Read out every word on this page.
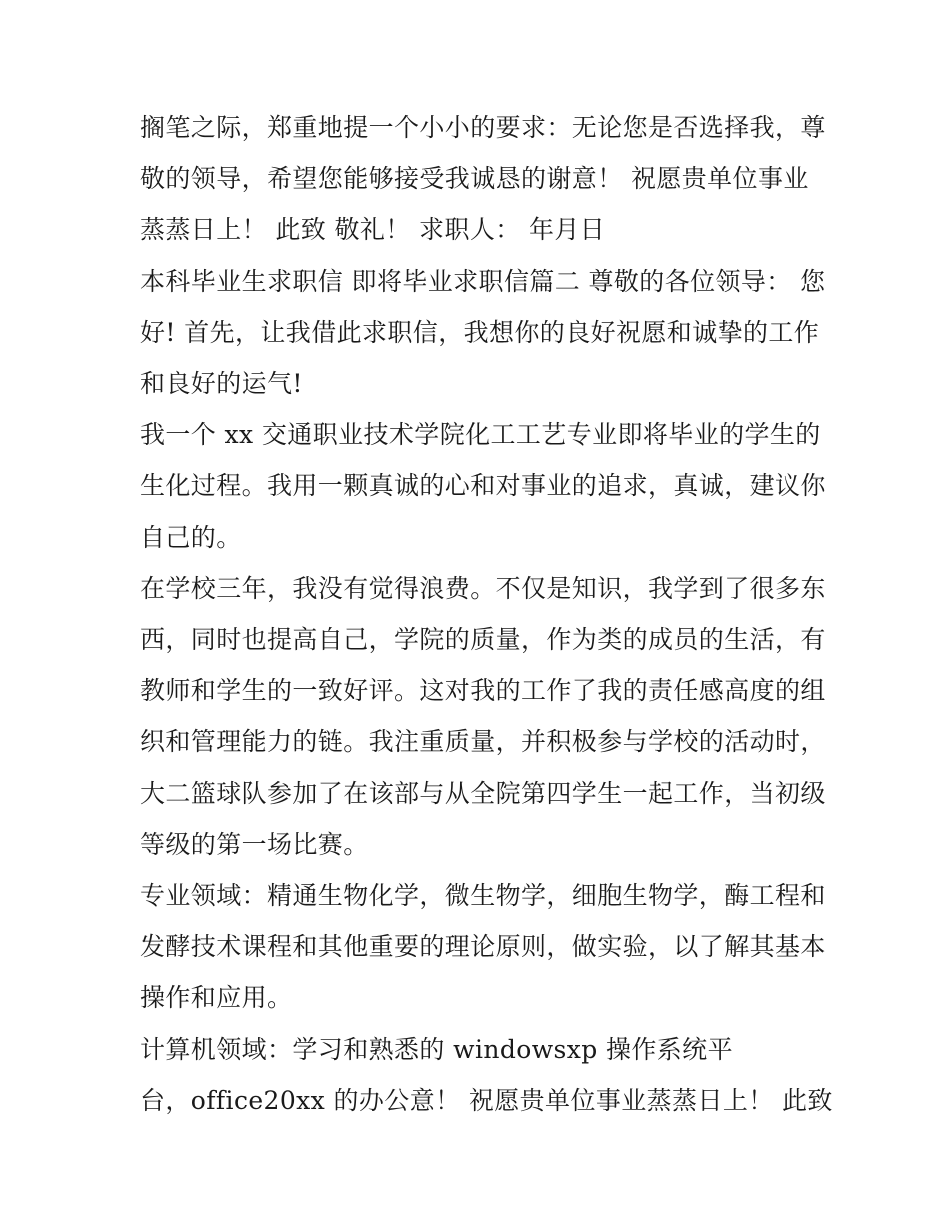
搁笔之际，郑重地提一个小小的要求：无论您是否选择我，尊
敬的领导，希望您能够接受我诚恳的谢意！ 祝愿贵单位事业
蒸蒸日上！ 此致 敬礼！ 求职人： 年月日

本科毕业生求职信 即将毕业求职信篇二 尊敬的各位领导： 您
好! 首先，让我借此求职信，我想你的良好祝愿和诚挚的工作
和良好的运气!

我一个 xx 交通职业技术学院化工工艺专业即将毕业的学生的
生化过程。我用一颗真诚的心和对事业的追求，真诚，建议你
自己的。

在学校三年，我没有觉得浪费。不仅是知识，我学到了很多东
西，同时也提高自己，学院的质量，作为类的成员的生活，有
教师和学生的一致好评。这对我的工作了我的责任感高度的组
织和管理能力的链。我注重质量，并积极参与学校的活动时，
大二篮球队参加了在该部与从全院第四学生一起工作，当初级
等级的第一场比赛。

专业领域：精通生物化学，微生物学，细胞生物学，酶工程和
发酵技术课程和其他重要的理论原则，做实验，以了解其基本
操作和应用。

计算机领域：学习和熟悉的 windowsxp 操作系统平

台，office20xx 的办公意！ 祝愿贵单位事业蒸蒸日上！ 此致
